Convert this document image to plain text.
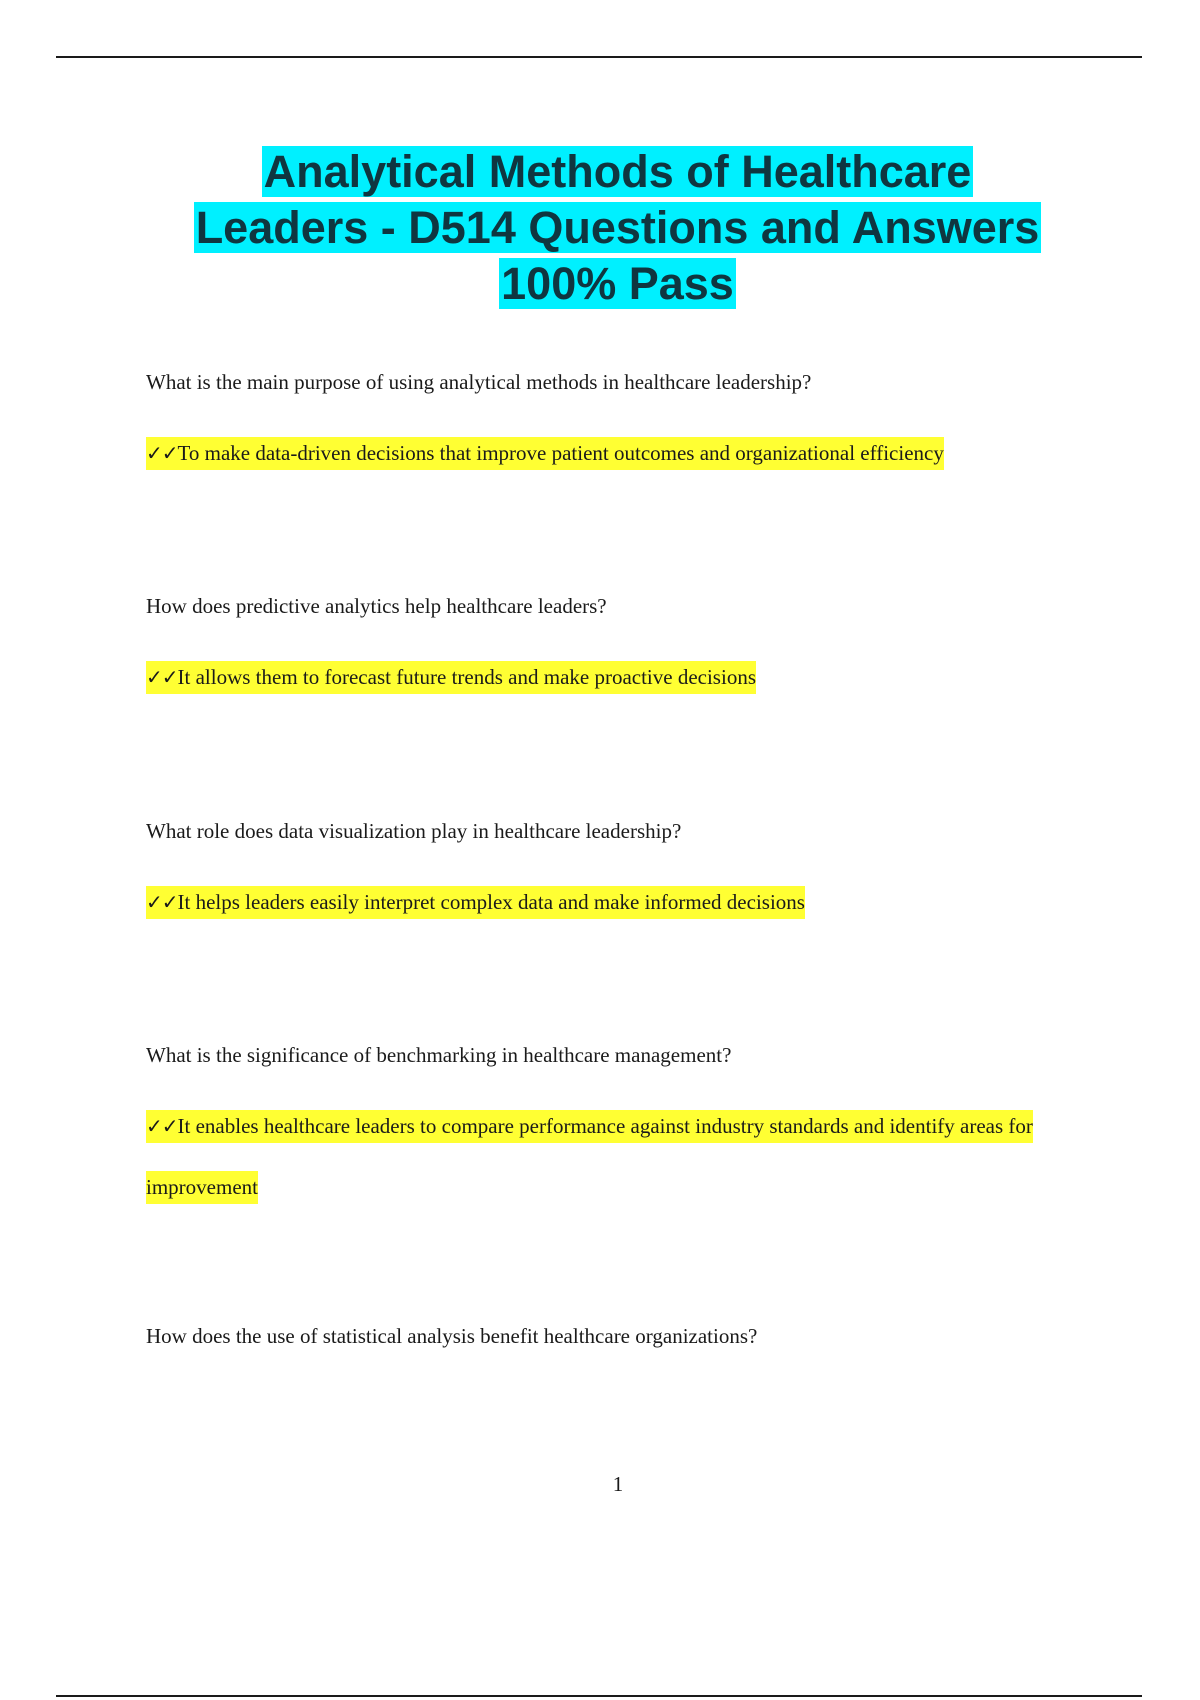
Analytical Methods of Healthcare
Leaders - D514 Questions and Answers
100% Pass

What is the main purpose of using analytical methods in healthcare leadership?

✓✓To make data-driven decisions that improve patient outcomes and organizational efficiency

How does predictive analytics help healthcare leaders?

✓✓It allows them to forecast future trends and make proactive decisions

What role does data visualization play in healthcare leadership?

✓✓It helps leaders easily interpret complex data and make informed decisions

What is the significance of benchmarking in healthcare management?

✓✓It enables healthcare leaders to compare performance against industry standards and identify areas for improvement

How does the use of statistical analysis benefit healthcare organizations?

1
